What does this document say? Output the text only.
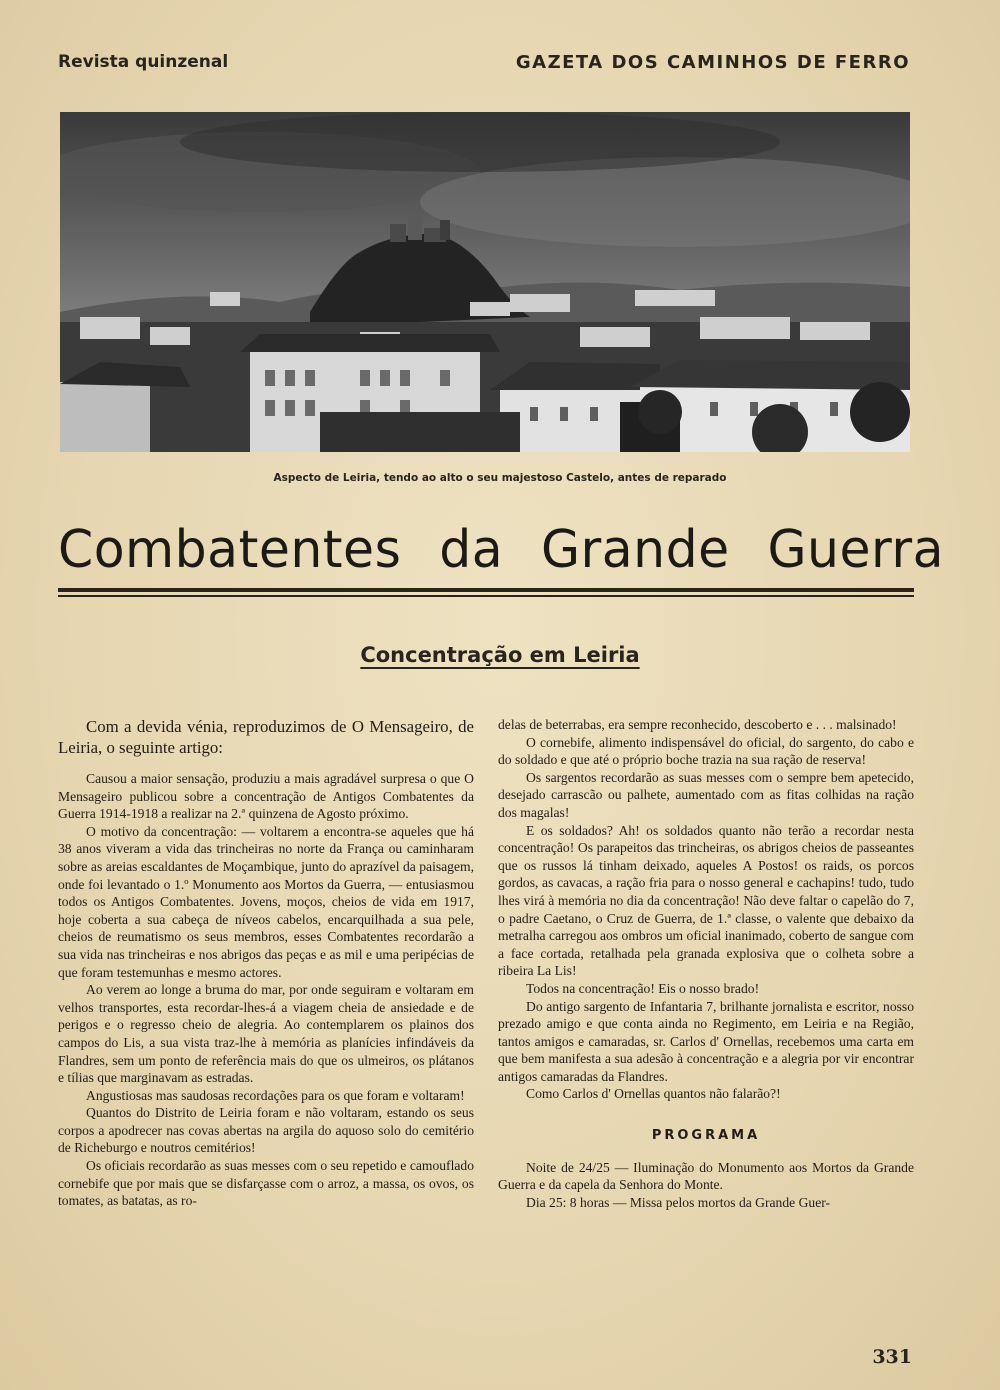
Revista quinzenal	GAZETA DOS CAMINHOS DE FERRO
Aspecto de Leiria, tendo ao alto o seu majestoso Castelo, antes de reparado
Combatentes da Grande Guerra
Concentração em Leiria

Com a devida vénia, reproduzimos de O Mensageiro, de Leiria, o seguinte artigo:

Causou a maior sensação, produziu a mais agradável surpresa o que O Mensageiro publicou sobre a concentração de Antigos Combatentes da Guerra 1914-1918 a realizar na 2.ª quinzena de Agosto próximo.

O motivo da concentração: — voltarem a encontra-se aqueles que há 38 anos viveram a vida das trincheiras no norte da França ou caminharam sobre as areias escaldantes de Moçambique, junto do aprazível da paisagem, onde foi levantado o 1.º Monumento aos Mortos da Guerra, — entusiasmou todos os Antigos Combatentes. Jovens, moços, cheios de vida em 1917, hoje coberta a sua cabeça de níveos cabelos, encarquilhada a sua pele, cheios de reumatismo os seus membros, esses Combatentes recordarão a sua vida nas trincheiras e nos abrigos das peças e as mil e uma peripécias de que foram testemunhas e mesmo actores.

Ao verem ao longe a bruma do mar, por onde seguiram e voltaram em velhos transportes, esta recordar-lhes-á a viagem cheia de ansiedade e de perigos e o regresso cheio de alegria. Ao contemplarem os plainos dos campos do Lis, a sua vista traz-lhe à memória as planícies infindáveis da Flandres, sem um ponto de referência mais do que os ulmeiros, os plátanos e tílias que marginavam as estradas.

Angustiosas mas saudosas recordações para os que foram e voltaram!

Quantos do Distrito de Leiria foram e não voltaram, estando os seus corpos a apodrecer nas covas abertas na argila do aquoso solo do cemitério de Richeburgo e noutros cemitérios!

Os oficiais recordarão as suas messes com o seu repetido e camouflado cornebife que por mais que se disfarçasse com o arroz, a massa, os ovos, os tomates, as batatas, as ro-

delas de beterrabas, era sempre reconhecido, descoberto e . . . malsinado!

O cornebife, alimento indispensável do oficial, do sargento, do cabo e do soldado e que até o próprio boche trazia na sua ração de reserva!

Os sargentos recordarão as suas messes com o sempre bem apetecido, desejado carrascão ou palhete, aumentado com as fitas colhidas na ração dos magalas!

E os soldados? Ah! os soldados quanto não terão a recordar nesta concentração! Os parapeitos das trincheiras, os abrigos cheios de passeantes que os russos lá tinham deixado, aqueles A Postos! os raids, os porcos gordos, as cavacas, a ração fria para o nosso general e cachapins! tudo, tudo lhes virá à memória no dia da concentração! Não deve faltar o capelão do 7, o padre Caetano, o Cruz de Guerra, de 1.ª classe, o valente que debaixo da metralha carregou aos ombros um oficial inanimado, coberto de sangue com a face cortada, retalhada pela granada explosiva que o colheta sobre a ribeira La Lis!

Todos na concentração! Eis o nosso brado!

Do antigo sargento de Infantaria 7, brilhante jornalista e escritor, nosso prezado amigo e que conta ainda no Regimento, em Leiria e na Região, tantos amigos e camaradas, sr. Carlos d' Ornellas, recebemos uma carta em que bem manifesta a sua adesão à concentração e a alegria por vir encontrar antigos camaradas da Flandres.

Como Carlos d' Ornellas quantos não falarão?!

PROGRAMA

Noite de 24/25 — Iluminação do Monumento aos Mortos da Grande Guerra e da capela da Senhora do Monte.

Dia 25: 8 horas — Missa pelos mortos da Grande Guer-

331
